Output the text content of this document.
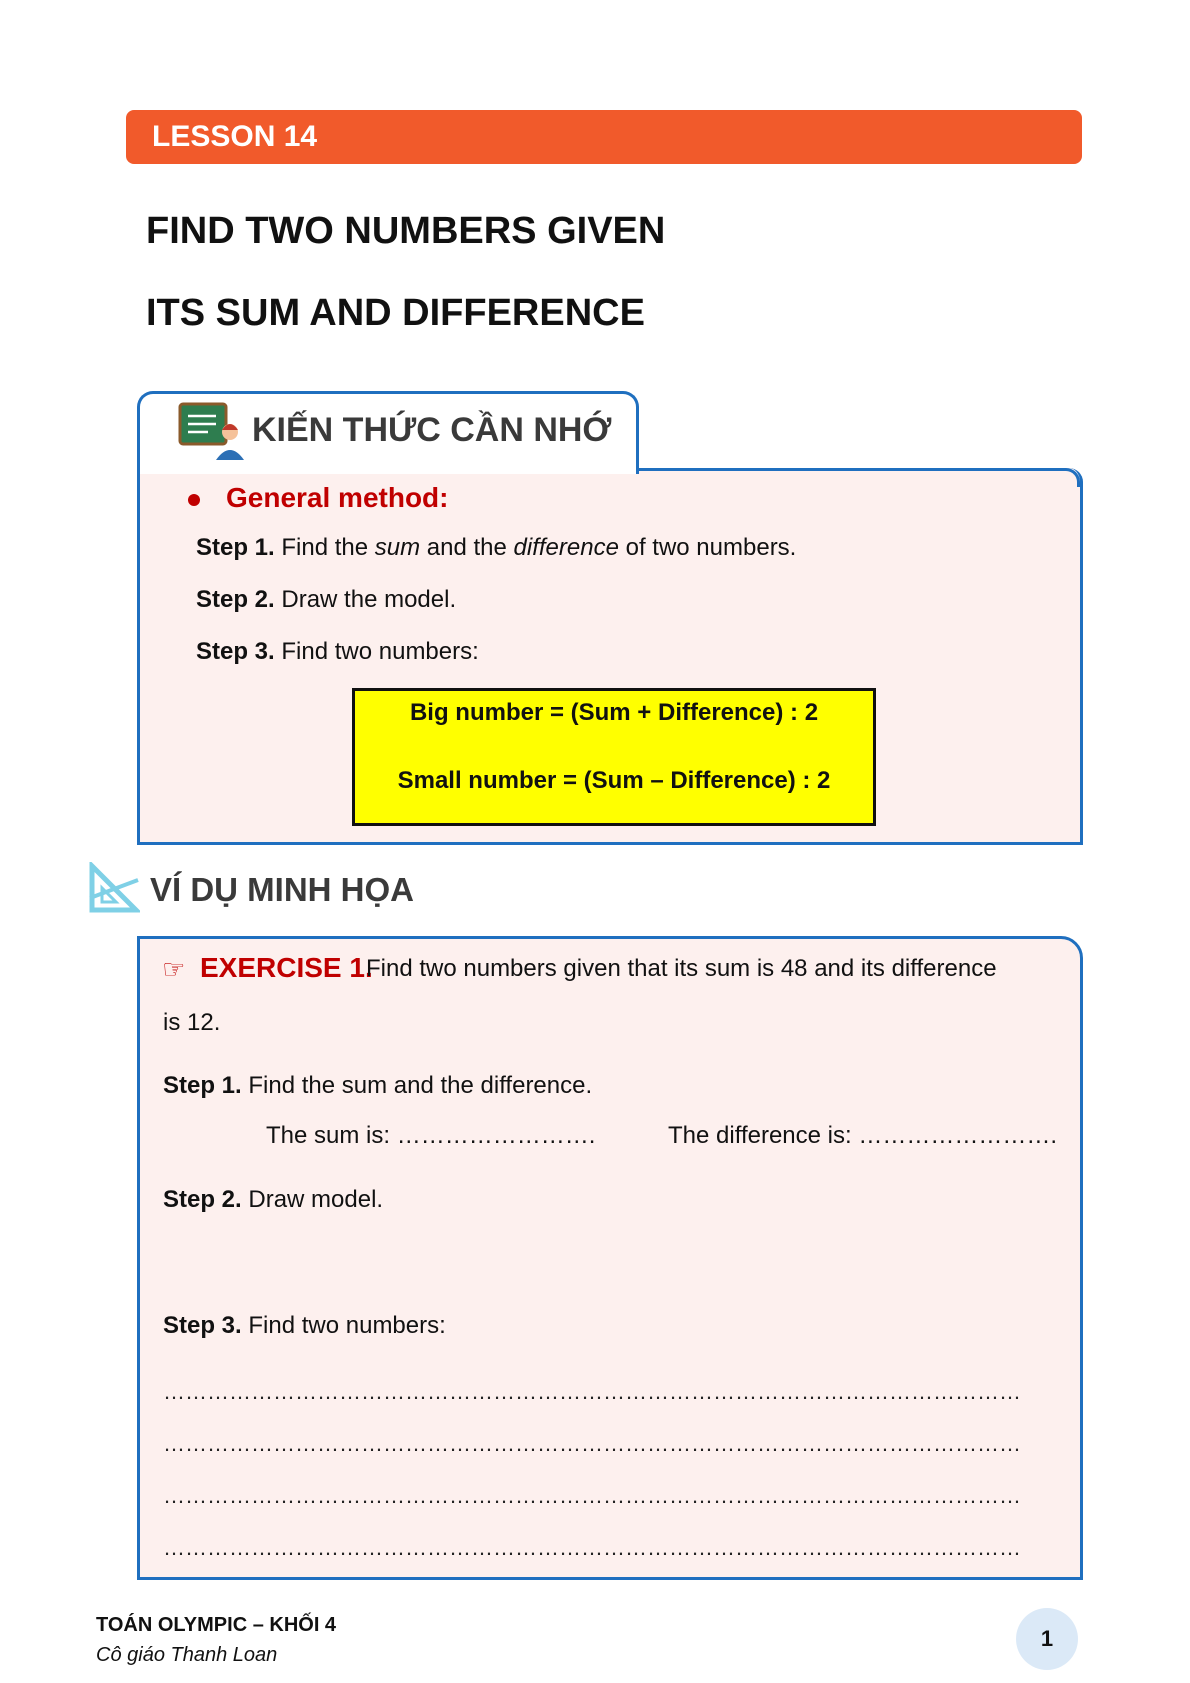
LESSON 14
FIND TWO NUMBERS GIVEN
ITS SUM AND DIFFERENCE
KIẾN THỨC CẦN NHỚ
General method:
Step 1. Find the sum and the difference of two numbers.
Step 2. Draw the model.
Step 3. Find two numbers:
Big number = (Sum + Difference) : 2
Small number = (Sum – Difference) : 2
VÍ DỤ MINH HỌA
☞ EXERCISE 1.
Find two numbers given that its sum is 48 and its difference
is 12.
Step 1. Find the sum and the difference.
The sum is: …………………….	The difference is: …………………….
Step 2. Draw model.
Step 3. Find two numbers:
………………………………………………………………………………………………………
………………………………………………………………………………………………………
………………………………………………………………………………………………………
………………………………………………………………………………………………………
TOÁN OLYMPIC – KHỐI 4
Cô giáo Thanh Loan
1
